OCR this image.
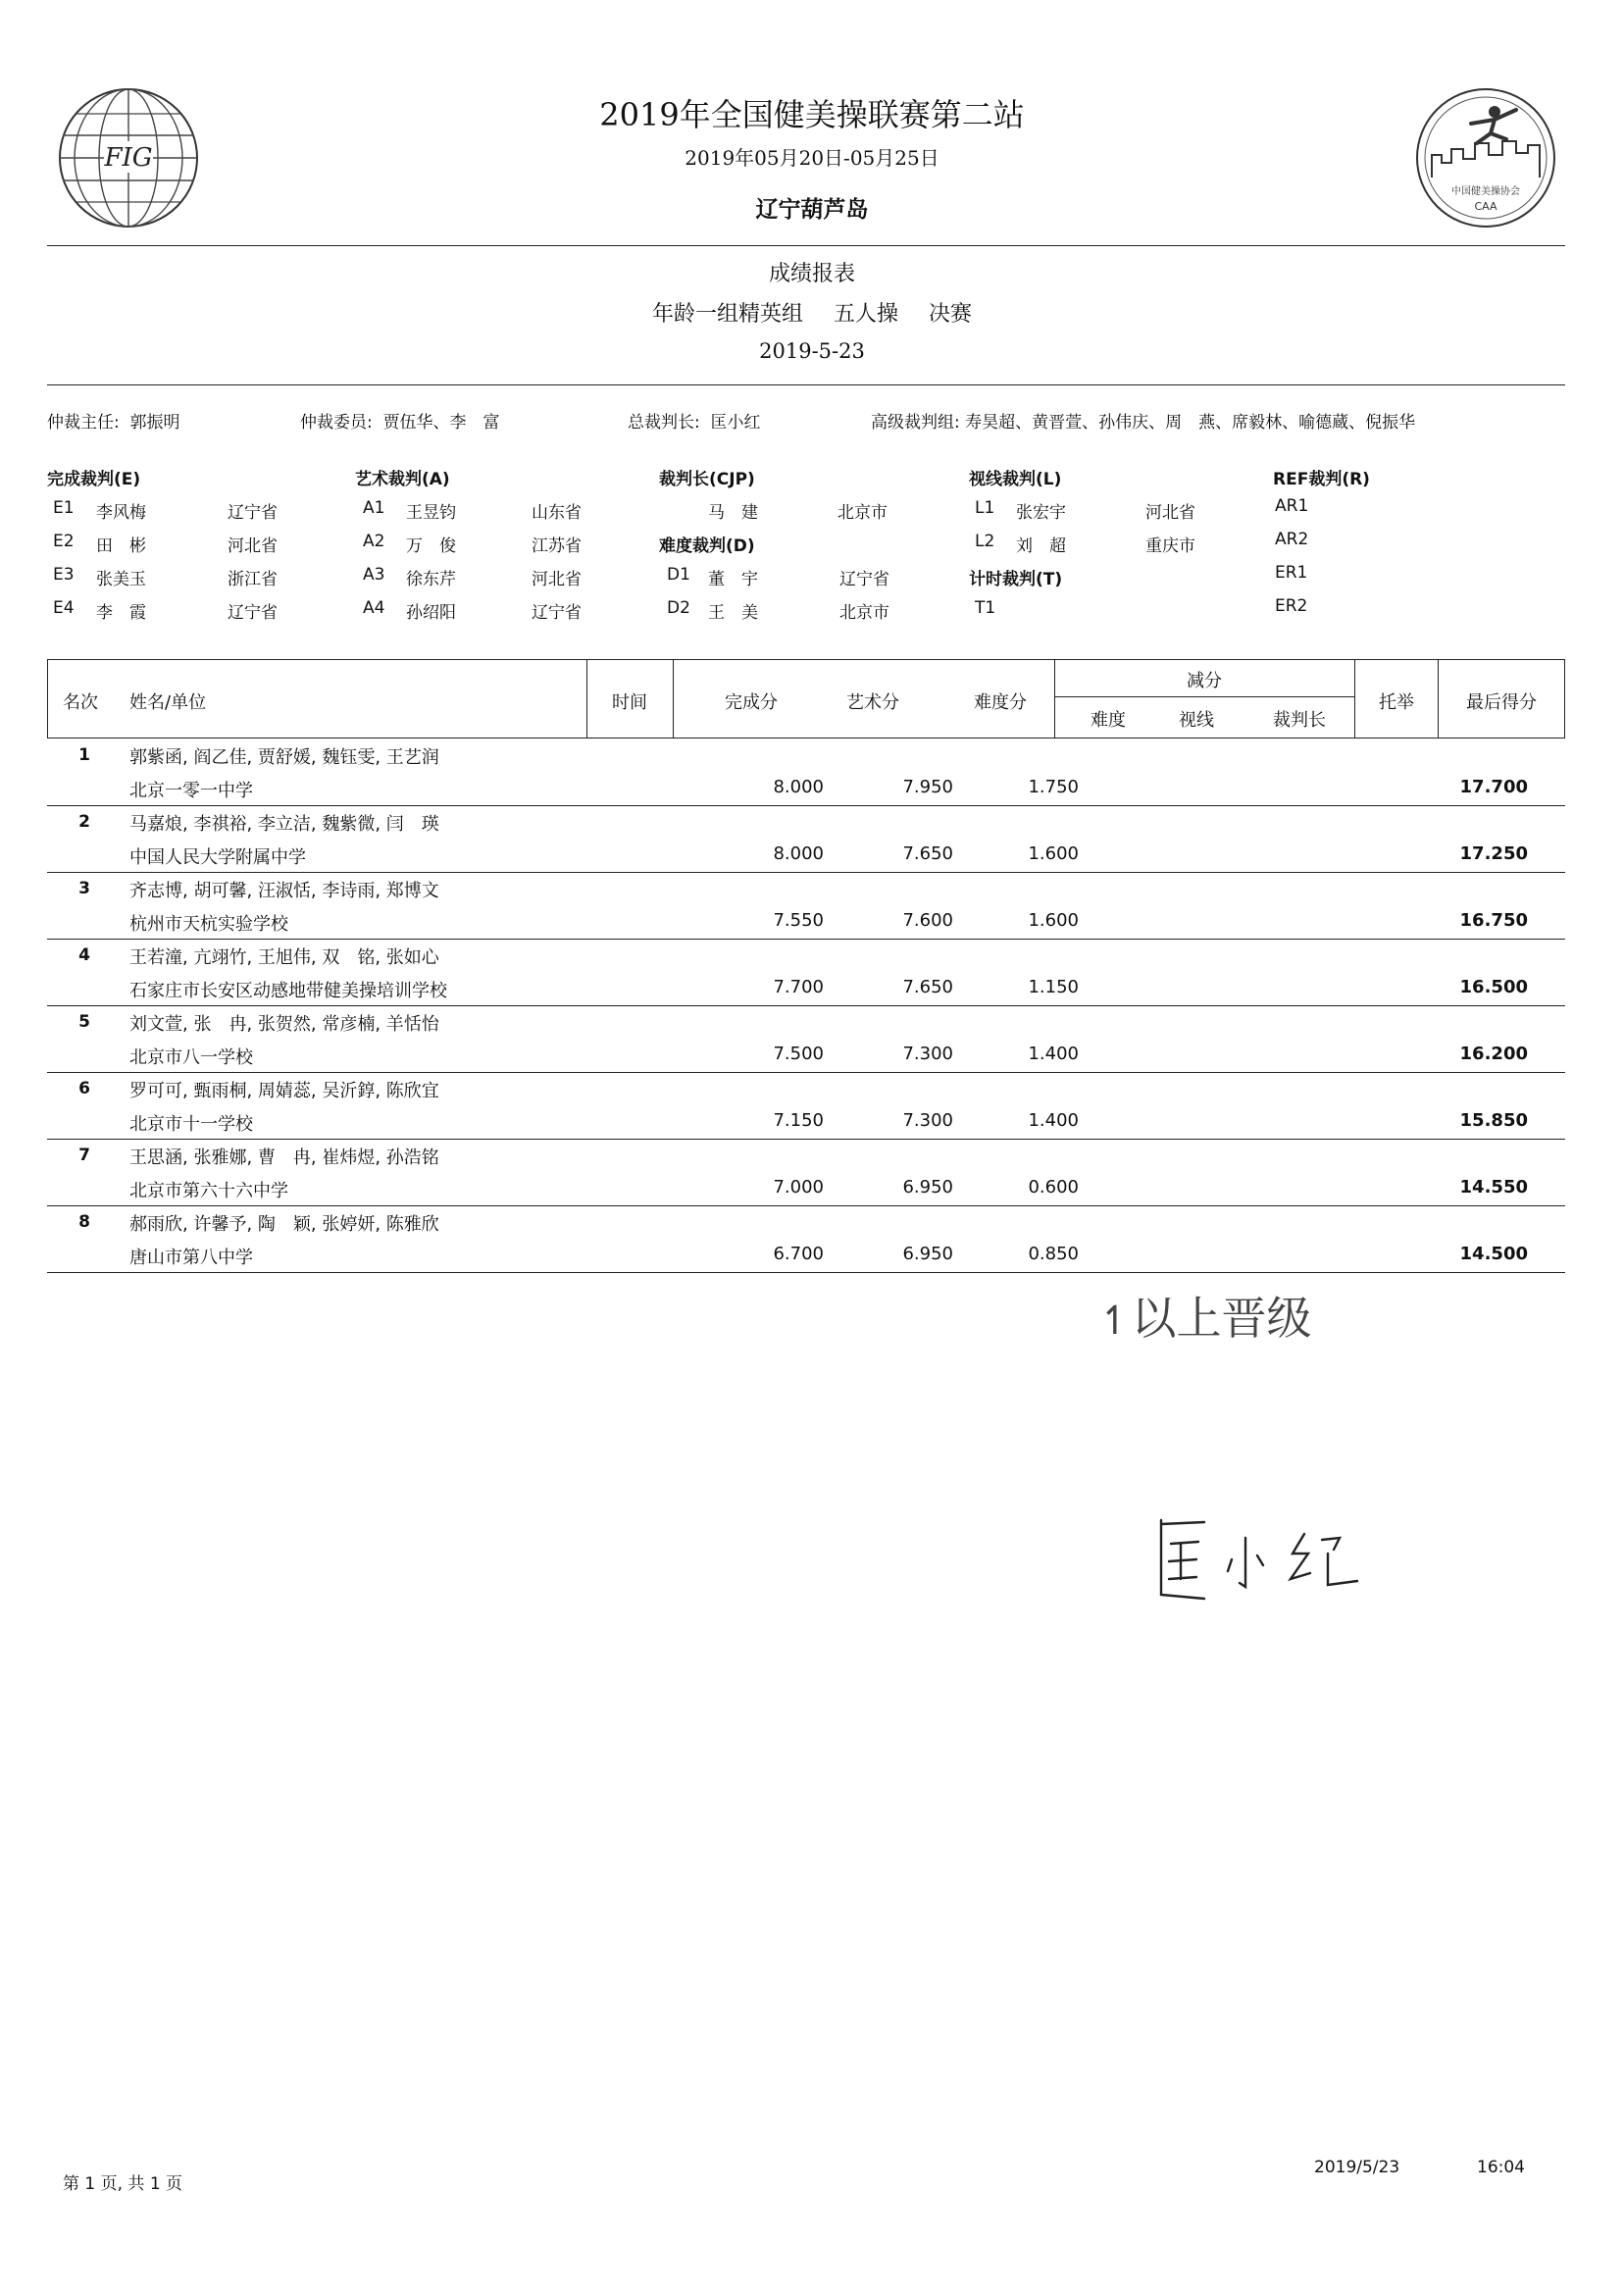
FIG
中国健美操协会
CAA
2019年全国健美操联赛第二站
2019年05月20日-05月25日
辽宁葫芦岛
成绩报表
年龄一组精英组 五人操 决赛
2019-5-23
仲裁主任: 郭振明	仲裁委员: 贾伍华、李　富	总裁判长: 匡小红	高级裁判组: 寿昊超、黄晋萱、孙伟庆、周　燕、席毅林、喻德蔵、倪振华
完成裁判(E)
E1 李风梅	辽宁省
E2 田　彬	河北省
E3 张美玉	浙江省
E4 李　霞	辽宁省
艺术裁判(A)
A1 王昱钧	山东省
A2 万　俊	江苏省
A3 徐东芹	河北省
A4 孙绍阳	辽宁省
裁判长(CJP)
马　建	北京市
难度裁判(D)
D1 董　宇	辽宁省
D2 王　美	北京市
视线裁判(L)
L1 张宏宇	河北省
L2 刘　超	重庆市
计时裁判(T)
T1
REF裁判(R)
AR1
AR2
ER1
ER2
名次	姓名/单位	时间	完成分	艺术分	难度分
减分
难度	视线	裁判长
托举	最后得分
1	郭紫函, 阎乙佳, 贾舒媛, 魏钰雯, 王艺润
北京一零一中学	8.000	7.950	1.750	17.700
2	马嘉烺, 李祺裕, 李立洁, 魏紫微, 闫　瑛
中国人民大学附属中学	8.000	7.650	1.600	17.250
3	齐志博, 胡可馨, 汪淑恬, 李诗雨, 郑博文
杭州市天杭实验学校	7.550	7.600	1.600	16.750
4	王若潼, 亢翊竹, 王旭伟, 双　铭, 张如心
石家庄市长安区动感地带健美操培训学校	7.700	7.650	1.150	16.500
5	刘文萱, 张　冉, 张贺然, 常彦楠, 羊恬怡
北京市八一学校	7.500	7.300	1.400	16.200
6	罗可可, 甄雨桐, 周婧蕊, 吴沂錞, 陈欣宜
北京市十一学校	7.150	7.300	1.400	15.850
7	王思涵, 张雅娜, 曹　冉, 崔炜煜, 孙浩铭
北京市第六十六中学	7.000	6.950	0.600	14.550
8	郝雨欣, 许馨予, 陶　颖, 张婷妍, 陈雅欣
唐山市第八中学	6.700	6.950	0.850	14.500
↿以上晋级
第 1 页, 共 1 页
2019/5/23	16:04
